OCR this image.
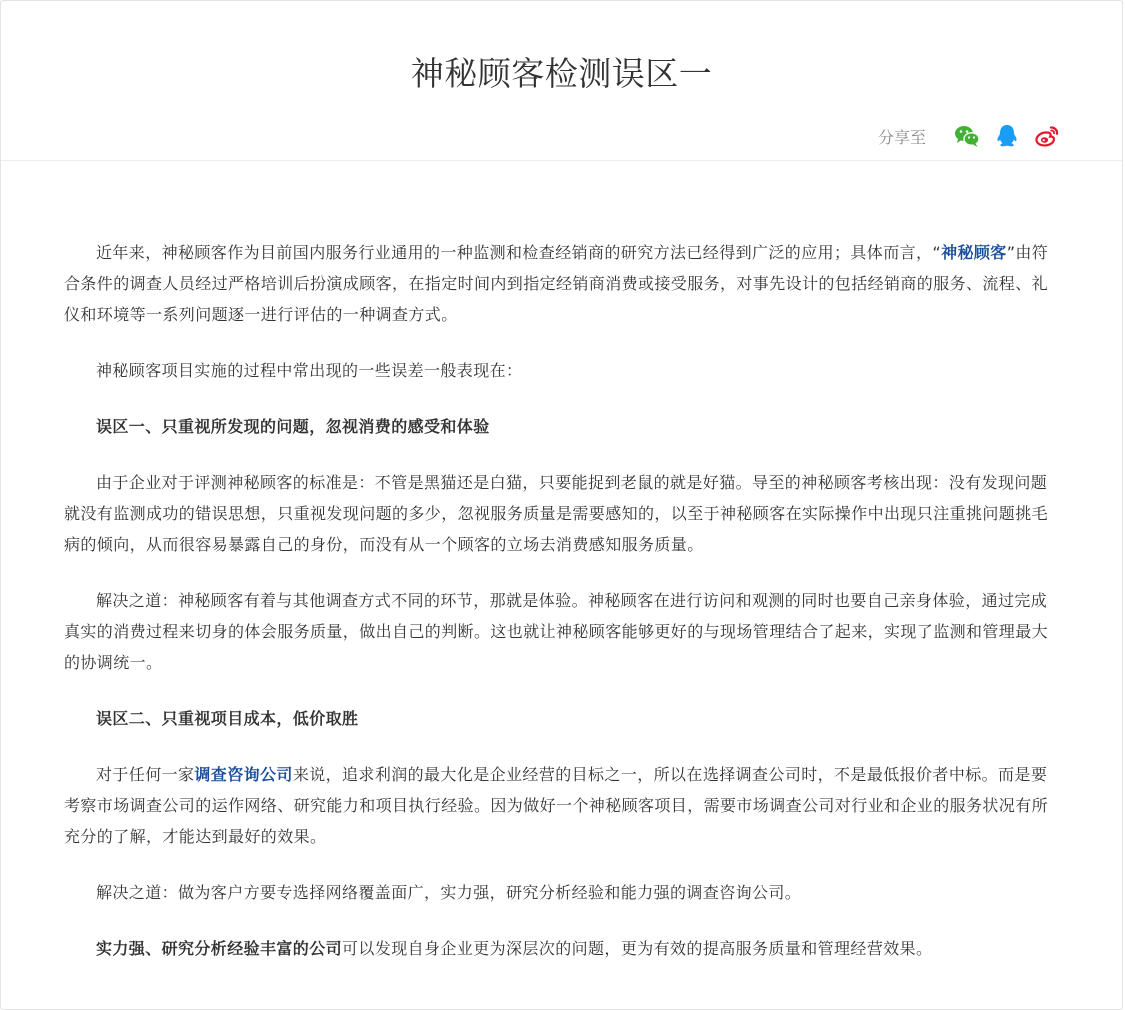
神秘顾客检测误区一
分享至

近年来，神秘顾客作为目前国内服务行业通用的一种监测和检查经销商的研究方法已经得到广泛的应用；具体而言，“神秘顾客”由符合条件的调查人员经过严格培训后扮演成顾客，在指定时间内到指定经销商消费或接受服务，对事先设计的包括经销商的服务、流程、礼仪和环境等一系列问题逐一进行评估的一种调查方式。

神秘顾客项目实施的过程中常出现的一些误差一般表现在：

误区一、只重视所发现的问题，忽视消费的感受和体验

由于企业对于评测神秘顾客的标准是：不管是黑猫还是白猫，只要能捉到老鼠的就是好猫。导至的神秘顾客考核出现：没有发现问题就没有监测成功的错误思想，只重视发现问题的多少，忽视服务质量是需要感知的，以至于神秘顾客在实际操作中出现只注重挑问题挑毛病的倾向，从而很容易暴露自己的身份，而没有从一个顾客的立场去消费感知服务质量。

解决之道：神秘顾客有着与其他调查方式不同的环节，那就是体验。神秘顾客在进行访问和观测的同时也要自己亲身体验，通过完成真实的消费过程来切身的体会服务质量，做出自己的判断。这也就让神秘顾客能够更好的与现场管理结合了起来，实现了监测和管理最大的协调统一。

误区二、只重视项目成本，低价取胜

对于任何一家调查咨询公司来说，追求利润的最大化是企业经营的目标之一，所以在选择调查公司时，不是最低报价者中标。而是要考察市场调查公司的运作网络、研究能力和项目执行经验。因为做好一个神秘顾客项目，需要市场调查公司对行业和企业的服务状况有所充分的了解，才能达到最好的效果。

解决之道：做为客户方要专选择网络覆盖面广，实力强，研究分析经验和能力强的调查咨询公司。

实力强、研究分析经验丰富的公司可以发现自身企业更为深层次的问题，更为有效的提高服务质量和管理经营效果。
